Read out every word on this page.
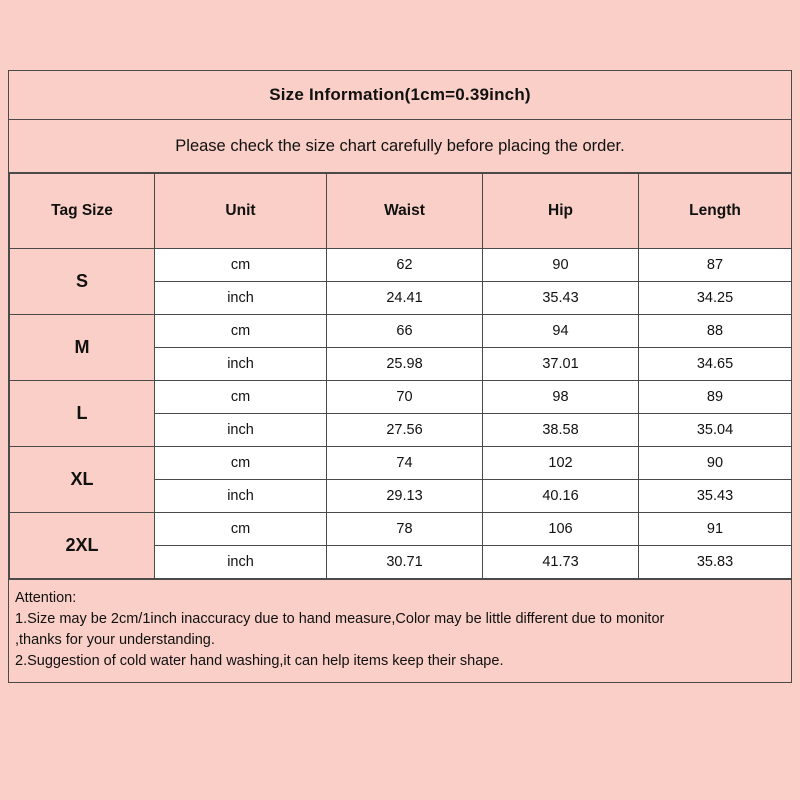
Size Information(1cm=0.39inch)
Please check the size chart carefully before placing the order.
Tag Size	Unit	Waist	Hip	Length
S	cm	62	90	87
	inch	24.41	35.43	34.25
M	cm	66	94	88
	inch	25.98	37.01	34.65
L	cm	70	98	89
	inch	27.56	38.58	35.04
XL	cm	74	102	90
	inch	29.13	40.16	35.43
2XL	cm	78	106	91
	inch	30.71	41.73	35.83

Attention:

1.Size may be 2cm/1inch inaccuracy due to hand measure,Color may be little different due to monitor

,thanks for your understanding.

2.Suggestion of cold water hand washing,it can help items keep their shape.
